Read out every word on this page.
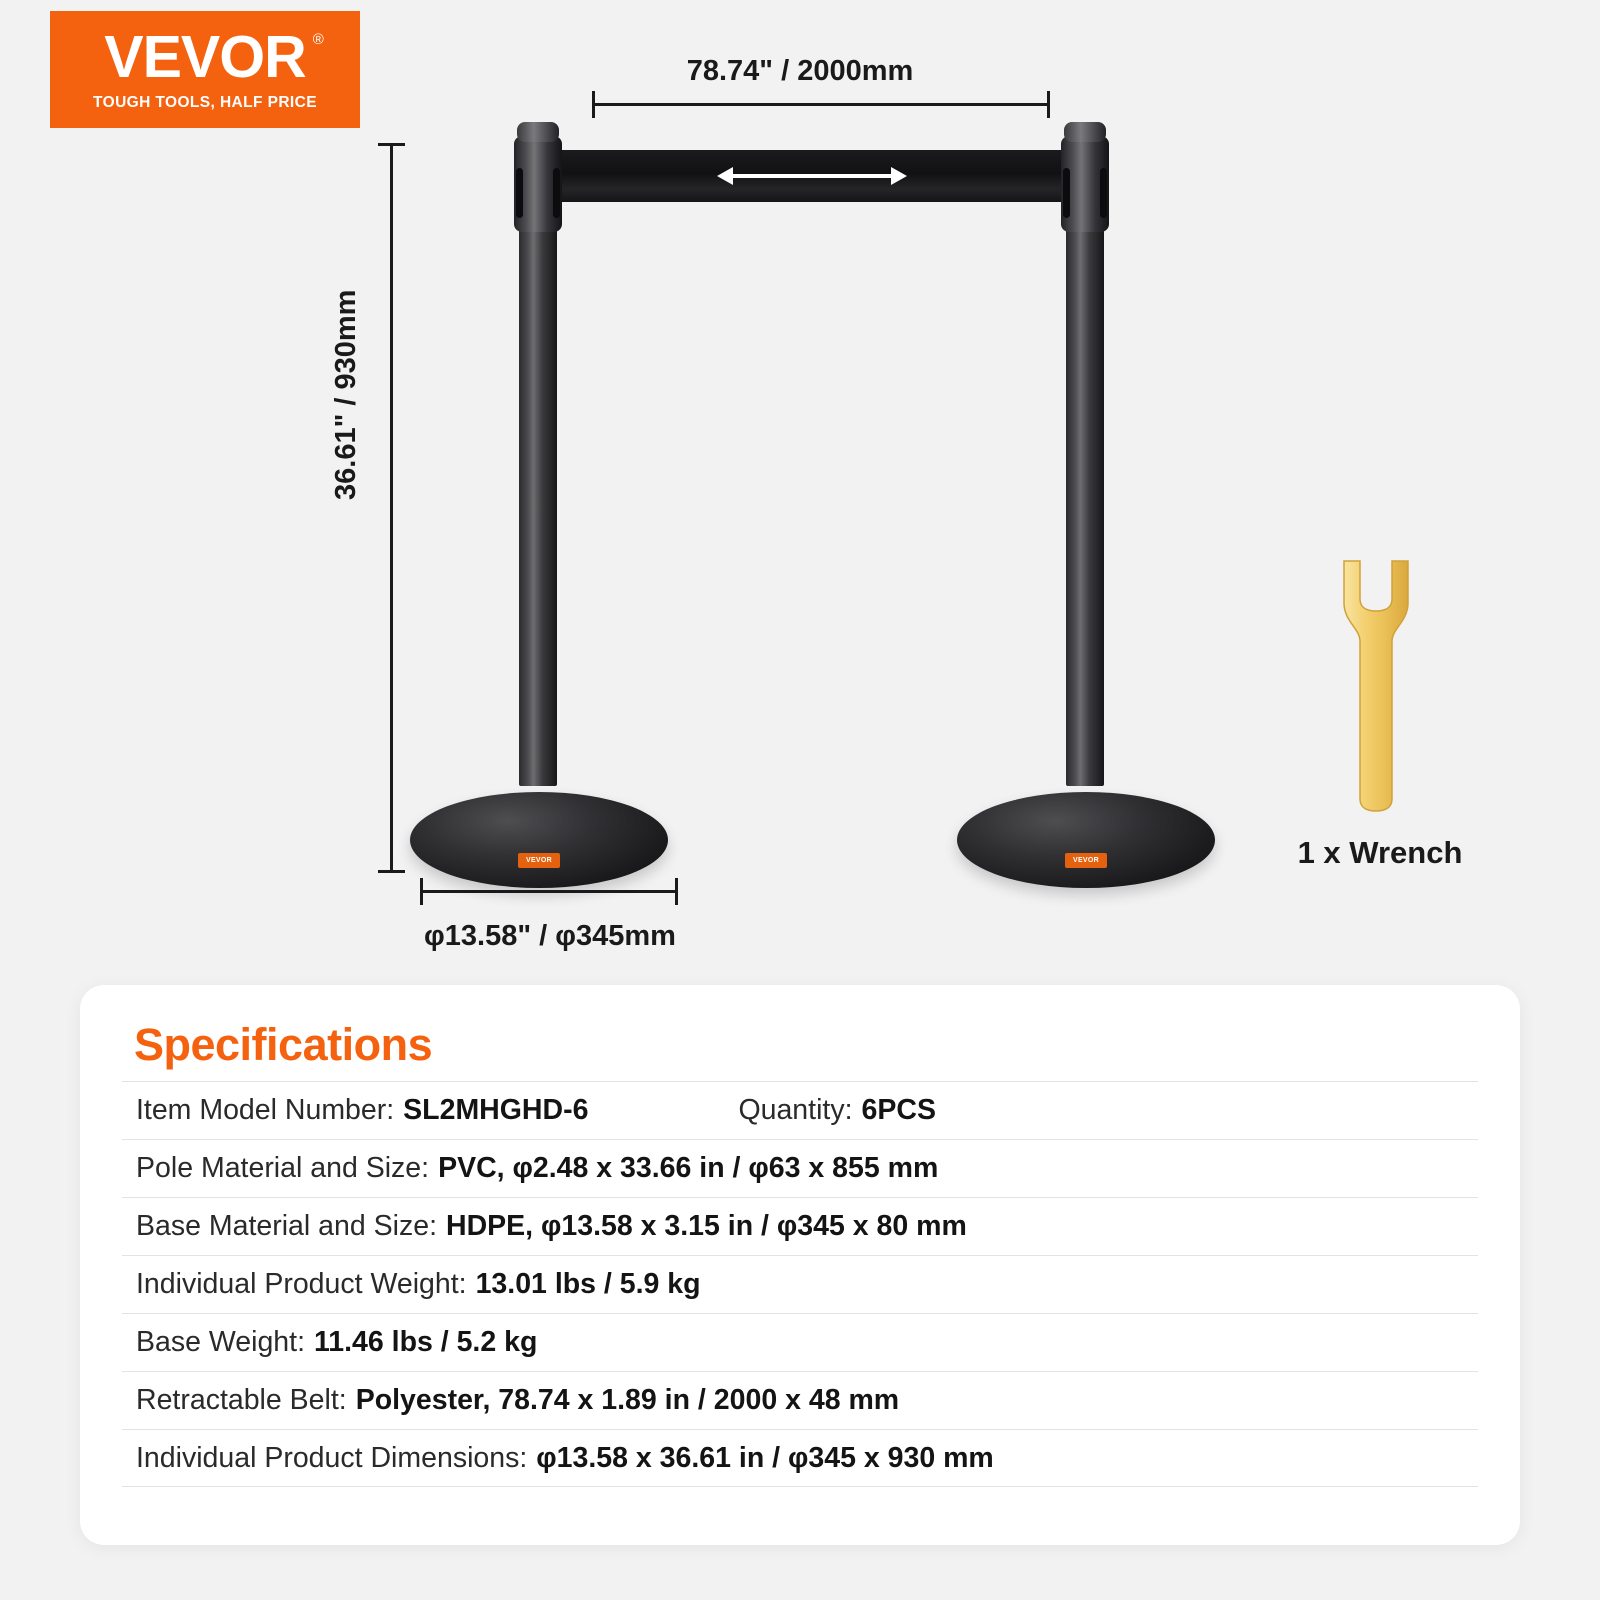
VEVOR ®
TOUGH TOOLS, HALF PRICE
78.74" / 2000mm
36.61" / 930mm
VEVOR	VEVOR
φ13.58" / φ345mm
1 x Wrench
Specifications
Item Model Number: SL2MHGHD-6	Quantity: 6PCS
Pole Material and Size: PVC, φ2.48 x 33.66 in / φ63 x 855 mm
Base Material and Size: HDPE, φ13.58 x 3.15 in / φ345 x 80 mm
Individual Product Weight: 13.01 lbs / 5.9 kg
Base Weight: 11.46 lbs / 5.2 kg
Retractable Belt: Polyester, 78.74 x 1.89 in / 2000 x 48 mm
Individual Product Dimensions: φ13.58 x 36.61 in / φ345 x 930 mm
